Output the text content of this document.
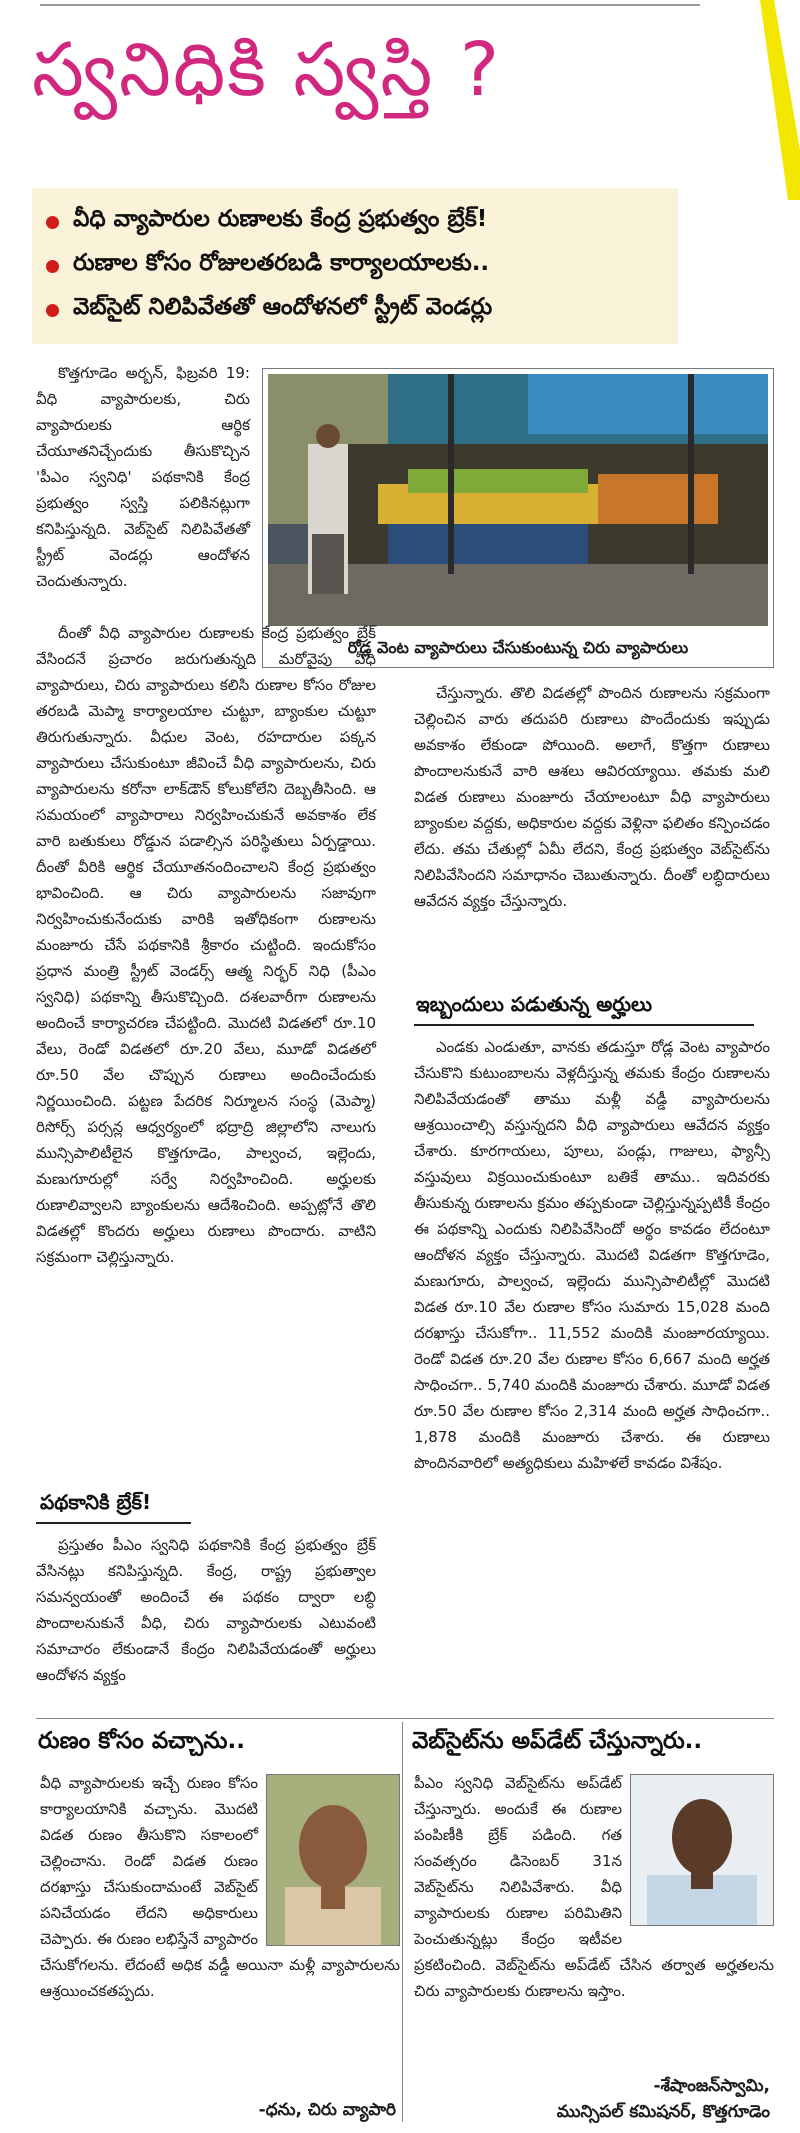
స్వనిధికి స్వస్తి ?
వీధి వ్యాపారుల రుణాలకు కేంద్ర ప్రభుత్వం బ్రేక్!
రుణాల కోసం రోజులతరబడి కార్యాలయాలకు..
వెబ్‌సైట్ నిలిపివేతతో ఆందోళనలో స్ట్రీట్ వెండర్లు

కొత్తగూడెం అర్బన్, ఫిబ్రవరి 19: వీధి వ్యాపారులకు, చిరు వ్యాపారులకు ఆర్థిక చేయూతనిచ్చేందుకు తీసుకొచ్చిన 'పీఎం స్వనిధి' పథకానికి కేంద్ర ప్రభుత్వం స్వస్తి పలికినట్లుగా కనిపిస్తున్నది. వెబ్‌సైట్ నిలిపివేతతో స్ట్రీట్ వెండర్లు ఆందోళన చెందుతున్నారు.

రోడ్ల వెంట వ్యాపారులు చేసుకుంటున్న చిరు వ్యాపారులు

దీంతో వీధి వ్యాపారుల రుణాలకు కేంద్ర ప్రభుత్వం బ్రేక్ వేసిందనే ప్రచారం జరుగుతున్నది మరోవైపు వీధి వ్యాపారులు, చిరు వ్యాపారులు కలిసి రుణాల కోసం రోజుల తరబడి మెప్మా కార్యాలయాల చుట్టూ, బ్యాంకుల చుట్టూ తిరుగుతున్నారు. వీధుల వెంట, రహదారుల పక్కన వ్యాపారులు చేసుకుంటూ జీవించే వీధి వ్యాపారులను, చిరు వ్యాపారులను కరోనా లాక్‌డౌన్ కోలుకోలేని దెబ్బతీసింది. ఆ సమయంలో వ్యాపారాలు నిర్వహించుకునే అవకాశం లేక వారి బతుకులు రోడ్డున పడాల్సిన పరిస్థితులు ఏర్పడ్డాయి. దీంతో వీరికి ఆర్థిక చేయూతనందించాలని కేంద్ర ప్రభుత్వం భావించింది. ఆ చిరు వ్యాపారులను సజావుగా నిర్వహించుకునేందుకు వారికి ఇతోధికంగా రుణాలను మంజూరు చేసే పథకానికి శ్రీకారం చుట్టింది. ఇందుకోసం ప్రధాన మంత్రి స్ట్రీట్ వెండర్స్ ఆత్మ నిర్భర్ నిధి (పీఎం స్వనిధి) పథకాన్ని తీసుకొచ్చింది. దశలవారీగా రుణాలను అందించే కార్యాచరణ చేపట్టింది. మొదటి విడతలో రూ.10 వేలు, రెండో విడతలో రూ.20 వేలు, మూడో విడతలో రూ.50 వేల చొప్పున రుణాలు అందించేందుకు నిర్ణయించింది. పట్టణ పేదరిక నిర్మూలన సంస్థ (మెప్మా) రిసోర్స్ పర్సన్ల ఆధ్వర్యంలో భద్రాద్రి జిల్లాలోని నాలుగు మున్సిపాలిటీలైన కొత్తగూడెం, పాల్వంచ, ఇల్లెందు, మణుగూరుల్లో సర్వే నిర్వహించింది. అర్హులకు రుణాలివ్వాలని బ్యాంకులను ఆదేశించింది. అప్పట్లోనే తొలి విడతల్లో కొందరు అర్హులు రుణాలు పొందారు. వాటిని సక్రమంగా చెల్లిస్తున్నారు.

పథకానికి బ్రేక్!

ప్రస్తుతం పీఎం స్వనిధి పథకానికి కేంద్ర ప్రభుత్వం బ్రేక్ వేసినట్లు కనిపిస్తున్నది. కేంద్ర, రాష్ట్ర ప్రభుత్వాల సమన్వయంతో అందించే ఈ పథకం ద్వారా లబ్ధి పొందాలనుకునే వీధి, చిరు వ్యాపారులకు ఎటువంటి సమాచారం లేకుండానే కేంద్రం నిలిపివేయడంతో అర్హులు ఆందోళన వ్యక్తం

చేస్తున్నారు. తొలి విడతల్లో పొందిన రుణాలను సక్రమంగా చెల్లించిన వారు తదుపరి రుణాలు పొందేందుకు ఇప్పుడు అవకాశం లేకుండా పోయింది. అలాగే, కొత్తగా రుణాలు పొందాలనుకునే వారి ఆశలు ఆవిరయ్యాయి. తమకు మలి విడత రుణాలు మంజూరు చేయాలంటూ వీధి వ్యాపారులు బ్యాంకుల వద్దకు, అధికారుల వద్దకు వెళ్లినా ఫలితం కన్పించడం లేదు. తమ చేతుల్లో ఏమీ లేదని, కేంద్ర ప్రభుత్వం వెబ్‌సైట్‌ను నిలిపివేసిందని సమాధానం చెబుతున్నారు. దీంతో లబ్ధిదారులు ఆవేదన వ్యక్తం చేస్తున్నారు.

ఇబ్బందులు పడుతున్న అర్హులు

ఎండకు ఎండుతూ, వానకు తడుస్తూ రోడ్ల వెంట వ్యాపారం చేసుకొని కుటుంబాలను వెళ్లదీస్తున్న తమకు కేంద్రం రుణాలను నిలిపివేయడంతో తాము మళ్లీ వడ్డీ వ్యాపారులను ఆశ్రయించాల్సి వస్తున్నదని వీధి వ్యాపారులు ఆవేదన వ్యక్తం చేశారు. కూరగాయలు, పూలు, పండ్లు, గాజులు, ఫ్యాన్సీ వస్తువులు విక్రయించుకుంటూ బతికే తాము.. ఇదివరకు తీసుకున్న రుణాలను క్రమం తప్పకుండా చెల్లిస్తున్నప్పటికీ కేంద్రం ఈ పథకాన్ని ఎందుకు నిలిపివేసిందో అర్థం కావడం లేదంటూ ఆందోళన వ్యక్తం చేస్తున్నారు. మొదటి విడతగా కొత్తగూడెం, మణుగూరు, పాల్వంచ, ఇల్లెందు మున్సిపాలిటీల్లో మొదటి విడత రూ.10 వేల రుణాల కోసం సుమారు 15,028 మంది దరఖాస్తు చేసుకోగా.. 11,552 మందికి మంజూరయ్యాయి. రెండో విడత రూ.20 వేల రుణాల కోసం 6,667 మంది అర్హత సాధించగా.. 5,740 మందికి మంజూరు చేశారు. మూడో విడత రూ.50 వేల రుణాల కోసం 2,314 మంది అర్హత సాధించగా.. 1,878 మందికి మంజూరు చేశారు. ఈ రుణాలు పొందినవారిలో అత్యధికులు మహిళలే కావడం విశేషం.

రుణం కోసం వచ్చాను..
వీధి వ్యాపారులకు ఇచ్చే రుణం కోసం కార్యాలయానికి వచ్చాను. మొదటి విడత రుణం తీసుకొని సకాలంలో చెల్లించాను. రెండో విడత రుణం దరఖాస్తు చేసుకుందామంటే వెబ్‌సైట్ పనిచేయడం లేదని అధికారులు చెప్పారు. ఈ రుణం లభిస్తేనే వ్యాపారం చేసుకోగలను. లేదంటే అధిక వడ్డీ అయినా మళ్లీ వ్యాపారులను ఆశ్రయించకతప్పదు.
-ధను, చిరు వ్యాపారి
వెబ్‌సైట్‌ను అప్‌డేట్ చేస్తున్నారు..
పీఎం స్వనిధి వెబ్‌సైట్‌ను అప్‌డేట్ చేస్తున్నారు. అందుకే ఈ రుణాల పంపిణీకి బ్రేక్ పడింది. గత సంవత్సరం డిసెంబర్ 31న వెబ్‌సైట్‌ను నిలిపివేశారు. వీధి వ్యాపారులకు రుణాల పరిమితిని పెంచుతున్నట్లు కేంద్రం ఇటీవల ప్రకటించింది. వెబ్‌సైట్‌ను అప్‌డేట్ చేసిన తర్వాత అర్హతలను చిరు వ్యాపారులకు రుణాలను ఇస్తాం.
-శేషాంజన్‌స్వామి,
మున్సిపల్ కమిషనర్, కొత్తగూడెం
